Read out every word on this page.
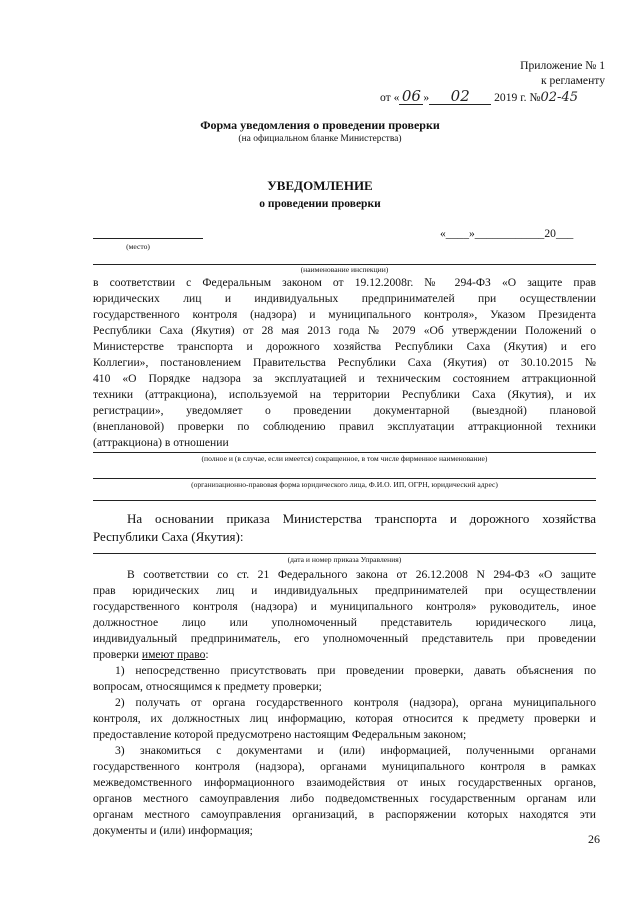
Приложение № 1
к регламенту
от « 06 » 02 2019 г. №02-45
Форма уведомления о проведении проверки
(на официальном бланке Министерства)
УВЕДОМЛЕНИЕ
о проведении проверки
(место)
«____»____________20___
(наименование инспекции)
в соответствии с Федеральным законом от 19.12.2008г. № 294-ФЗ «О защите прав
юридических лиц и индивидуальных предпринимателей при осуществлении
государственного контроля (надзора) и муниципального контроля», Указом Президента
Республики Саха (Якутия) от 28 мая 2013 года № 2079 «Об утверждении Положений о
Министерстве транспорта и дорожного хозяйства Республики Саха (Якутия) и его
Коллегии», постановлением Правительства Республики Саха (Якутия) от 30.10.2015 №
410 «О Порядке надзора за эксплуатацией и техническим состоянием аттракционной
техники (аттракциона), используемой на территории Республики Саха (Якутия), и их
регистрации», уведомляет о проведении документарной (выездной) плановой
(внеплановой) проверки по соблюдению правил эксплуатации аттракционной техники
(аттракциона) в отношении
(полное и (в случае, если имеется) сокращенное, в том числе фирменное наименование)
(организационно-правовая форма юридического лица, Ф.И.О. ИП, ОГРН, юридический адрес)
На основании приказа Министерства транспорта и дорожного хозяйства
Республики Саха (Якутия):
(дата и номер приказа Управления)
В соответствии со ст. 21 Федерального закона от 26.12.2008 N 294-ФЗ «О защите
прав юридических лиц и индивидуальных предпринимателей при осуществлении
государственного контроля (надзора) и муниципального контроля» руководитель, иное
должностное лицо или уполномоченный представитель юридического лица,
индивидуальный предприниматель, его уполномоченный представитель при проведении
проверки имеют право:
1) непосредственно присутствовать при проведении проверки, давать объяснения по
вопросам, относящимся к предмету проверки;
2) получать от органа государственного контроля (надзора), органа муниципального
контроля, их должностных лиц информацию, которая относится к предмету проверки и
предоставление которой предусмотрено настоящим Федеральным законом;
3) знакомиться с документами и (или) информацией, полученными органами
государственного контроля (надзора), органами муниципального контроля в рамках
межведомственного информационного взаимодействия от иных государственных органов,
органов местного самоуправления либо подведомственных государственным органам или
органам местного самоуправления организаций, в распоряжении которых находятся эти
документы и (или) информация;
26
